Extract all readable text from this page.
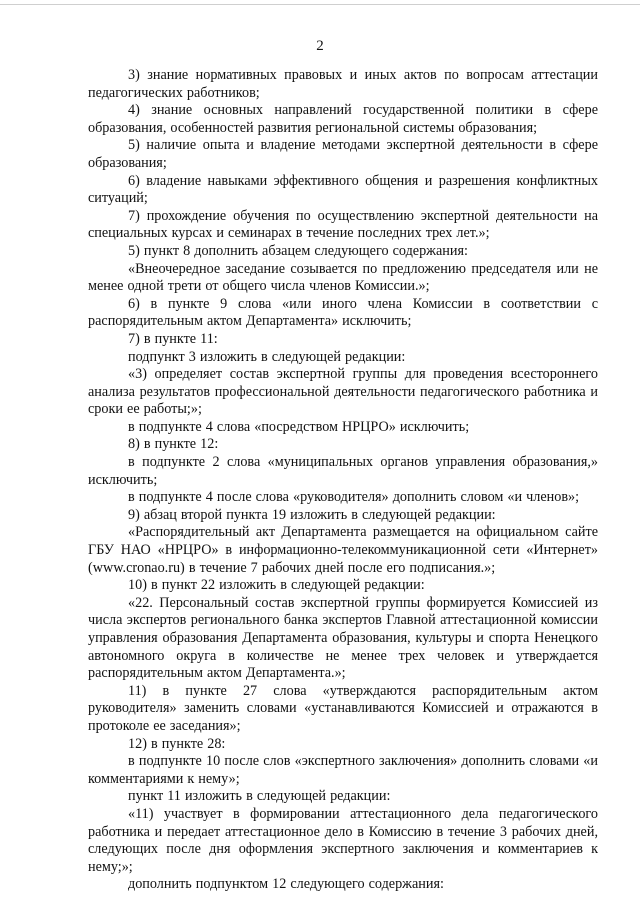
2

3) знание нормативных правовых и иных актов по вопросам аттестации педагогических работников;

4) знание основных направлений государственной политики в сфере образования, особенностей развития региональной системы образования;

5) наличие опыта и владение методами экспертной деятельности в сфере образования;

6) владение навыками эффективного общения и разрешения конфликтных ситуаций;

7) прохождение обучения по осуществлению экспертной деятельности на специальных курсах и семинарах в течение последних трех лет.»;

5) пункт 8 дополнить абзацем следующего содержания:

«Внеочередное заседание созывается по предложению председателя или не менее одной трети от общего числа членов Комиссии.»;

6) в пункте 9 слова «или иного члена Комиссии в соответствии с распорядительным актом Департамента» исключить;

7) в пункте 11:

подпункт 3 изложить в следующей редакции:

«3) определяет состав экспертной группы для проведения всестороннего анализа результатов профессиональной деятельности педагогического работника и сроки ее работы;»;

в подпункте 4 слова «посредством НРЦРО» исключить;

8) в пункте 12:

в подпункте 2 слова «муниципальных органов управления образования,» исключить;

в подпункте 4 после слова «руководителя» дополнить словом «и членов»;

9) абзац второй пункта 19 изложить в следующей редакции:

«Распорядительный акт Департамента размещается на официальном сайте ГБУ НАО «НРЦРО» в информационно-телекоммуникационной сети «Интернет» (www.cronao.ru) в течение 7 рабочих дней после его подписания.»;

10) в пункт 22 изложить в следующей редакции:

«22. Персональный состав экспертной группы формируется Комиссией из числа экспертов регионального банка экспертов Главной аттестационной комиссии управления образования Департамента образования, культуры и спорта Ненецкого автономного округа в количестве не менее трех человек и утверждается распорядительным актом Департамента.»;

11) в пункте 27 слова «утверждаются распорядительным актом руководителя» заменить словами «устанавливаются Комиссией и отражаются в протоколе ее заседания»;

12) в пункте 28:

в подпункте 10 после слов «экспертного заключения» дополнить словами «и комментариями к нему»;

пункт 11 изложить в следующей редакции:

«11) участвует в формировании аттестационного дела педагогического работника и передает аттестационное дело в Комиссию в течение 3 рабочих дней, следующих после дня оформления экспертного заключения и комментариев к нему;»;

дополнить подпунктом 12 следующего содержания:
